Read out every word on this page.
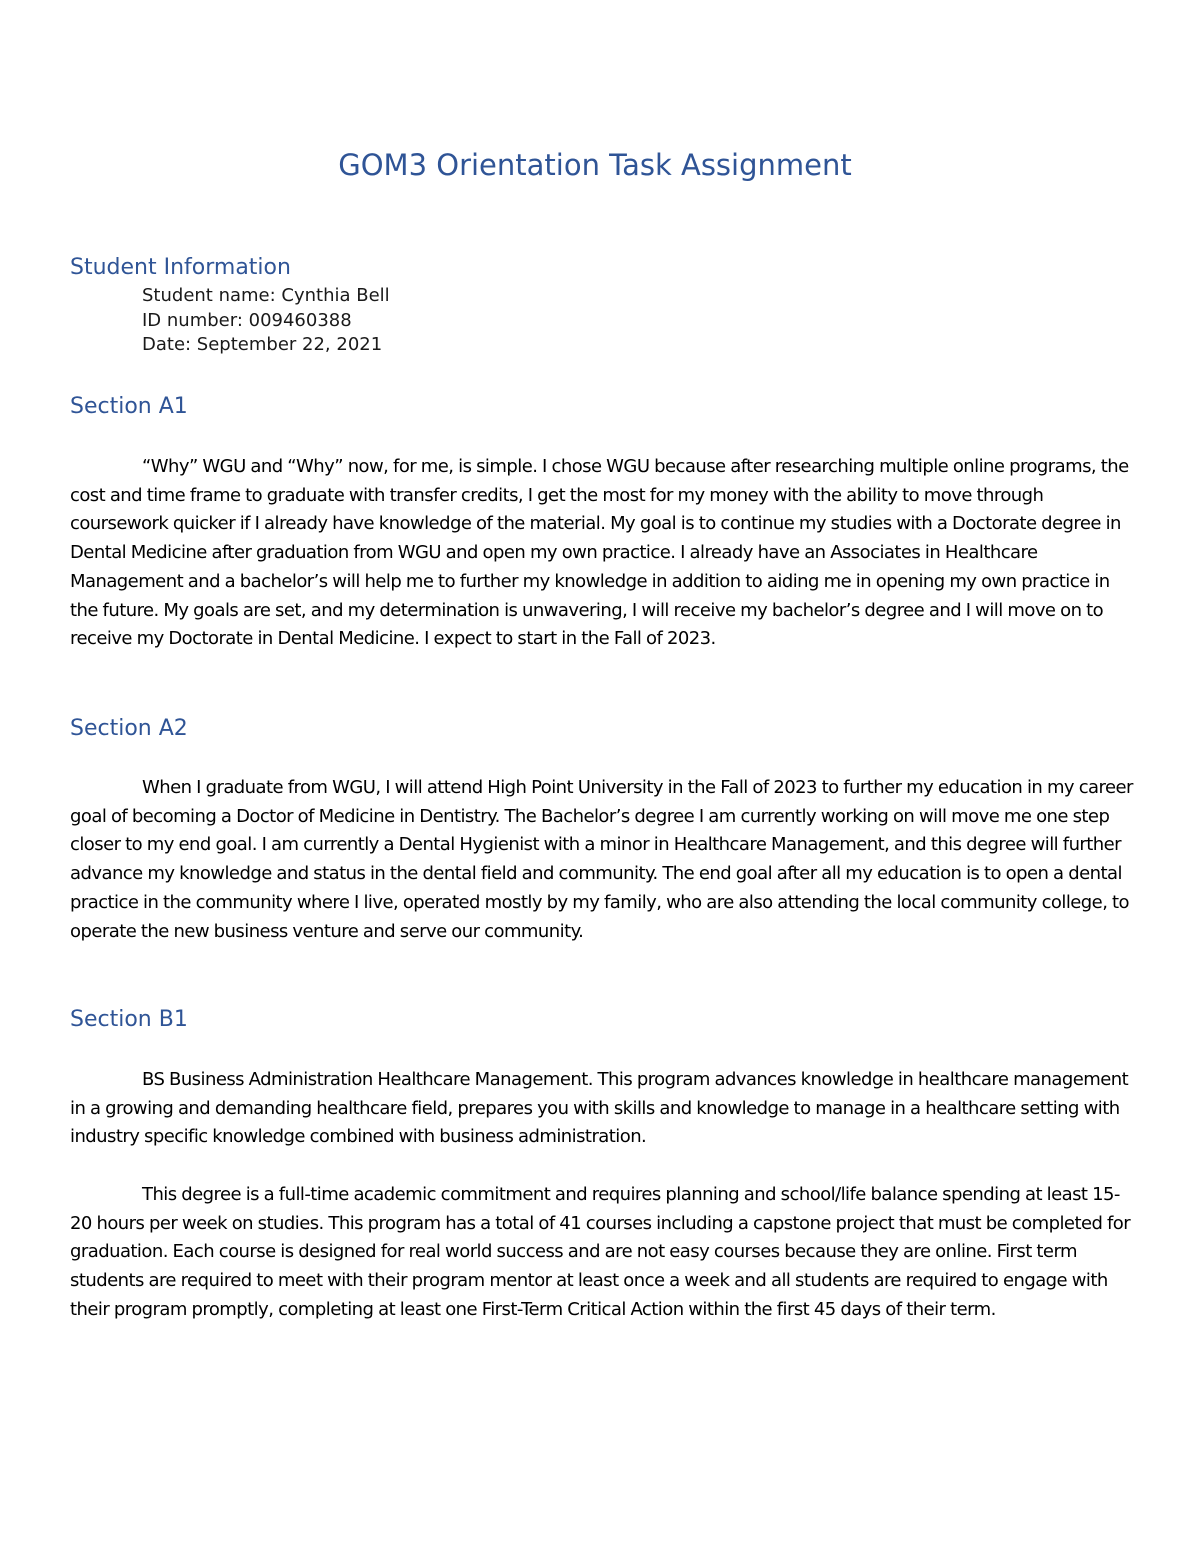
GOM3 Orientation Task Assignment
Student Information
Student name: Cynthia Bell
ID number: 009460388
Date: September 22, 2021
Section A1

“Why” WGU and “Why” now, for me, is simple. I chose WGU because after researching multiple online programs, the cost and time frame to graduate with transfer credits, I get the most for my money with the ability to move through coursework quicker if I already have knowledge of the material. My goal is to continue my studies with a Doctorate degree in Dental Medicine after graduation from WGU and open my own practice. I already have an Associates in Healthcare Management and a bachelor’s will help me to further my knowledge in addition to aiding me in opening my own practice in the future. My goals are set, and my determination is unwavering, I will receive my bachelor’s degree and I will move on to receive my Doctorate in Dental Medicine. I expect to start in the Fall of 2023.

Section A2

When I graduate from WGU, I will attend High Point University in the Fall of 2023 to further my education in my career goal of becoming a Doctor of Medicine in Dentistry. The Bachelor’s degree I am currently working on will move me one step closer to my end goal. I am currently a Dental Hygienist with a minor in Healthcare Management, and this degree will further advance my knowledge and status in the dental field and community. The end goal after all my education is to open a dental practice in the community where I live, operated mostly by my family, who are also attending the local community college, to operate the new business venture and serve our community.

Section B1

BS Business Administration Healthcare Management. This program advances knowledge in healthcare management in a growing and demanding healthcare field, prepares you with skills and knowledge to manage in a healthcare setting with industry specific knowledge combined with business administration.

This degree is a full-time academic commitment and requires planning and school/life balance spending at least 15-20 hours per week on studies. This program has a total of 41 courses including a capstone project that must be completed for graduation. Each course is designed for real world success and are not easy courses because they are online. First term students are required to meet with their program mentor at least once a week and all students are required to engage with their program promptly, completing at least one First-Term Critical Action within the first 45 days of their term.
